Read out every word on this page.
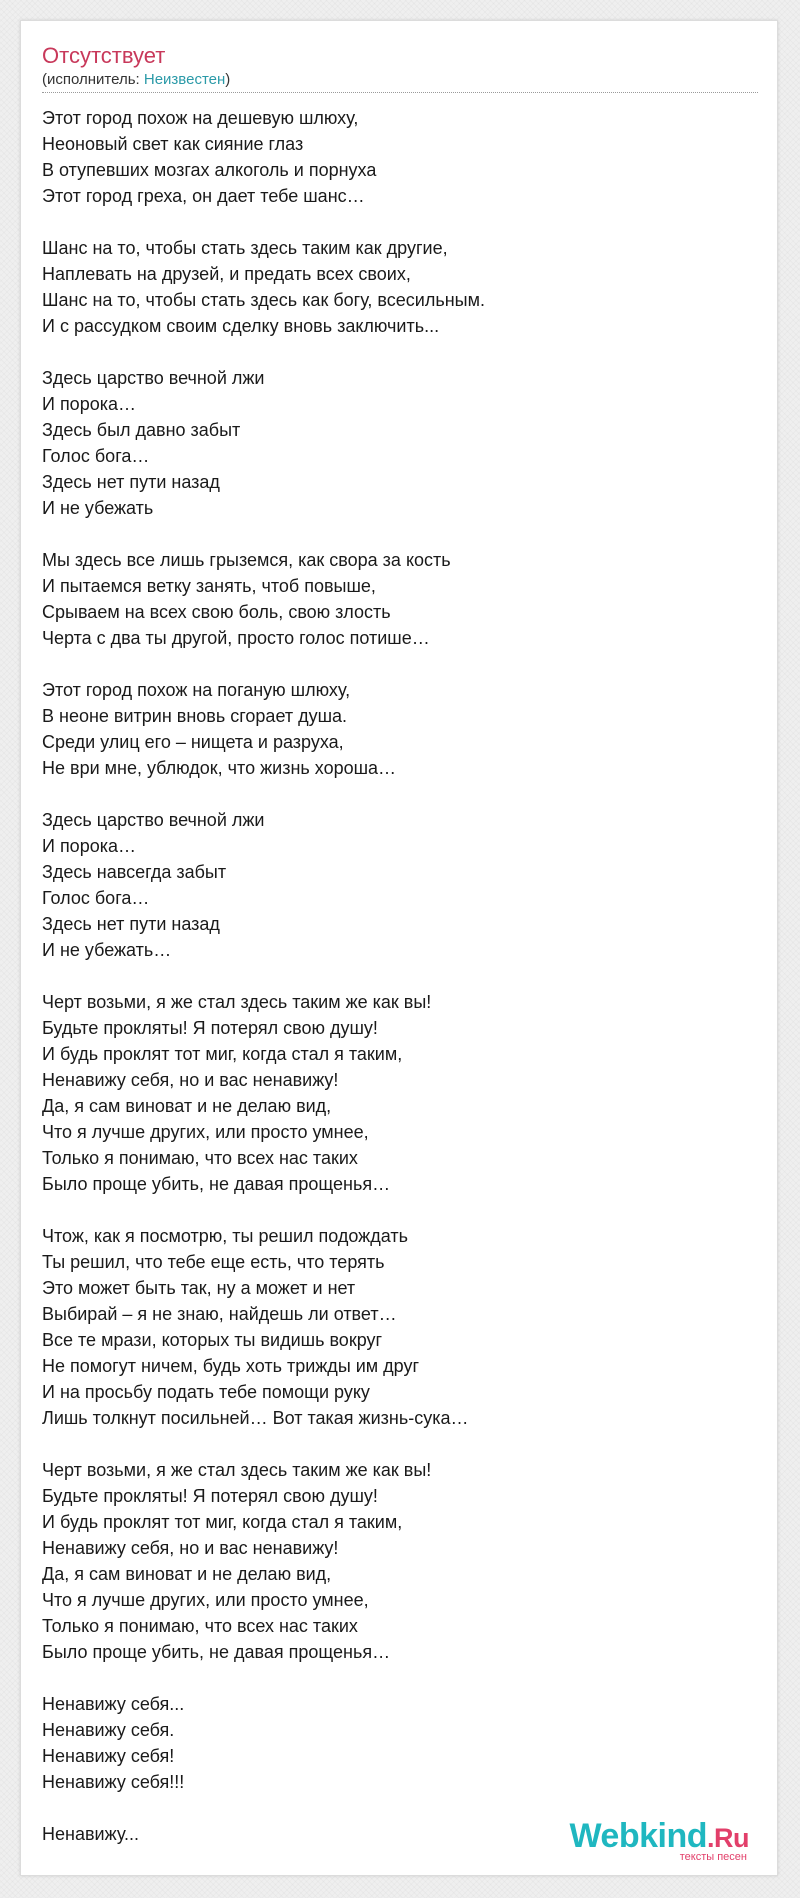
Отсутствует
(исполнитель: Неизвестен)
Этот город похож на дешевую шлюху,
Неоновый свет как сияние глаз
В отупевших мозгах алкоголь и порнуха
Этот город греха, он дает тебе шанс…
Шанс на то, чтобы стать здесь таким как другие,
Наплевать на друзей, и предать всех своих,
Шанс на то, чтобы стать здесь как богу, всесильным.
И с рассудком своим сделку вновь заключить...
Здесь царство вечной лжи
И порока…
Здесь был давно забыт
Голос бога…
Здесь нет пути назад
И не убежать
Мы здесь все лишь грыземся, как свора за кость
И пытаемся ветку занять, чтоб повыше,
Срываем на всех свою боль, свою злость
Черта с два ты другой, просто голос потише…
Этот город похож на поганую шлюху,
В неоне витрин вновь сгорает душа.
Среди улиц его – нищета и разруха,
Не ври мне, ублюдок, что жизнь хороша…
Здесь царство вечной лжи
И порока…
Здесь навсегда забыт
Голос бога…
Здесь нет пути назад
И не убежать…
Черт возьми, я же стал здесь таким же как вы!
Будьте прокляты! Я потерял свою душу!
И будь проклят тот миг, когда стал я таким,
Ненавижу себя, но и вас ненавижу!
Да, я сам виноват и не делаю вид,
Что я лучше других, или просто умнее,
Только я понимаю, что всех нас таких
Было проще убить, не давая прощенья…
Чтож, как я посмотрю, ты решил подождать
Ты решил, что тебе еще есть, что терять
Это может быть так, ну а может и нет
Выбирай – я не знаю, найдешь ли ответ…
Все те мрази, которых ты видишь вокруг
Не помогут ничем, будь хоть трижды им друг
И на просьбу подать тебе помощи руку
Лишь толкнут посильней… Вот такая жизнь-сука…
Черт возьми, я же стал здесь таким же как вы!
Будьте прокляты! Я потерял свою душу!
И будь проклят тот миг, когда стал я таким,
Ненавижу себя, но и вас ненавижу!
Да, я сам виноват и не делаю вид,
Что я лучше других, или просто умнее,
Только я понимаю, что всех нас таких
Было проще убить, не давая прощенья…
Ненавижу себя...
Ненавижу себя.
Ненавижу себя!
Ненавижу себя!!!
Ненавижу...	Webkind.Ru
тексты песен
